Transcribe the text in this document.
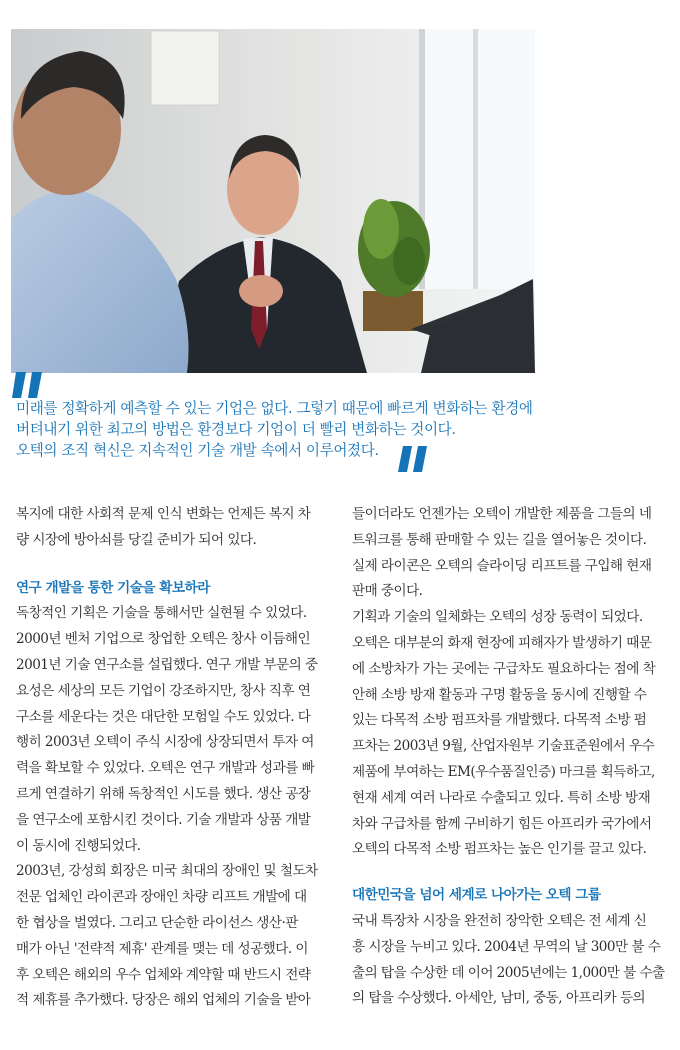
미래를 정확하게 예측할 수 있는 기업은 없다. 그렇기 때문에 빠르게 변화하는 환경에
버텨내기 위한 최고의 방법은 환경보다 기업이 더 빨리 변화하는 것이다.
오텍의 조직 혁신은 지속적인 기술 개발 속에서 이루어졌다.

복지에 대한 사회적 문제 인식 변화는 언제든 복지 차

량 시장에 방아쇠를 당길 준비가 되어 있다.

연구 개발을 통한 기술을 확보하라

독창적인 기획은 기술을 통해서만 실현될 수 있었다.

2000년 벤처 기업으로 창업한 오텍은 창사 이듬해인

2001년 기술 연구소를 설립했다. 연구 개발 부문의 중

요성은 세상의 모든 기업이 강조하지만, 창사 직후 연

구소를 세운다는 것은 대단한 모험일 수도 있었다. 다

행히 2003년 오텍이 주식 시장에 상장되면서 투자 여

력을 확보할 수 있었다. 오텍은 연구 개발과 성과를 빠

르게 연결하기 위해 독창적인 시도를 했다. 생산 공장

을 연구소에 포함시킨 것이다. 기술 개발과 상품 개발

이 동시에 진행되었다.

2003년, 강성희 회장은 미국 최대의 장애인 및 철도차

전문 업체인 라이콘과 장애인 차량 리프트 개발에 대

한 협상을 벌였다. 그리고 단순한 라이선스 생산·판

매가 아닌 '전략적 제휴' 관계를 맺는 데 성공했다. 이

후 오텍은 해외의 우수 업체와 계약할 때 반드시 전략

적 제휴를 추가했다. 당장은 해외 업체의 기술을 받아

들이더라도 언젠가는 오텍이 개발한 제품을 그들의 네

트워크를 통해 판매할 수 있는 길을 열어놓은 것이다.

실제 라이콘은 오텍의 슬라이딩 리프트를 구입해 현재

판매 중이다.

기획과 기술의 일체화는 오텍의 성장 동력이 되었다.

오텍은 대부분의 화재 현장에 피해자가 발생하기 때문

에 소방차가 가는 곳에는 구급차도 필요하다는 점에 착

안해 소방 방재 활동과 구명 활동을 동시에 진행할 수

있는 다목적 소방 펌프차를 개발했다. 다목적 소방 펌

프차는 2003년 9월, 산업자원부 기술표준원에서 우수

제품에 부여하는 EM(우수품질인증) 마크를 획득하고,

현재 세계 여러 나라로 수출되고 있다. 특히 소방 방재

차와 구급차를 함께 구비하기 힘든 아프리카 국가에서

오텍의 다목적 소방 펌프차는 높은 인기를 끌고 있다.

대한민국을 넘어 세계로 나아가는 오텍 그룹

국내 특장차 시장을 완전히 장악한 오텍은 전 세계 신

흥 시장을 누비고 있다. 2004년 무역의 날 300만 불 수

출의 탑을 수상한 데 이어 2005년에는 1,000만 불 수출

의 탑을 수상했다. 아세안, 남미, 중동, 아프리카 등의
